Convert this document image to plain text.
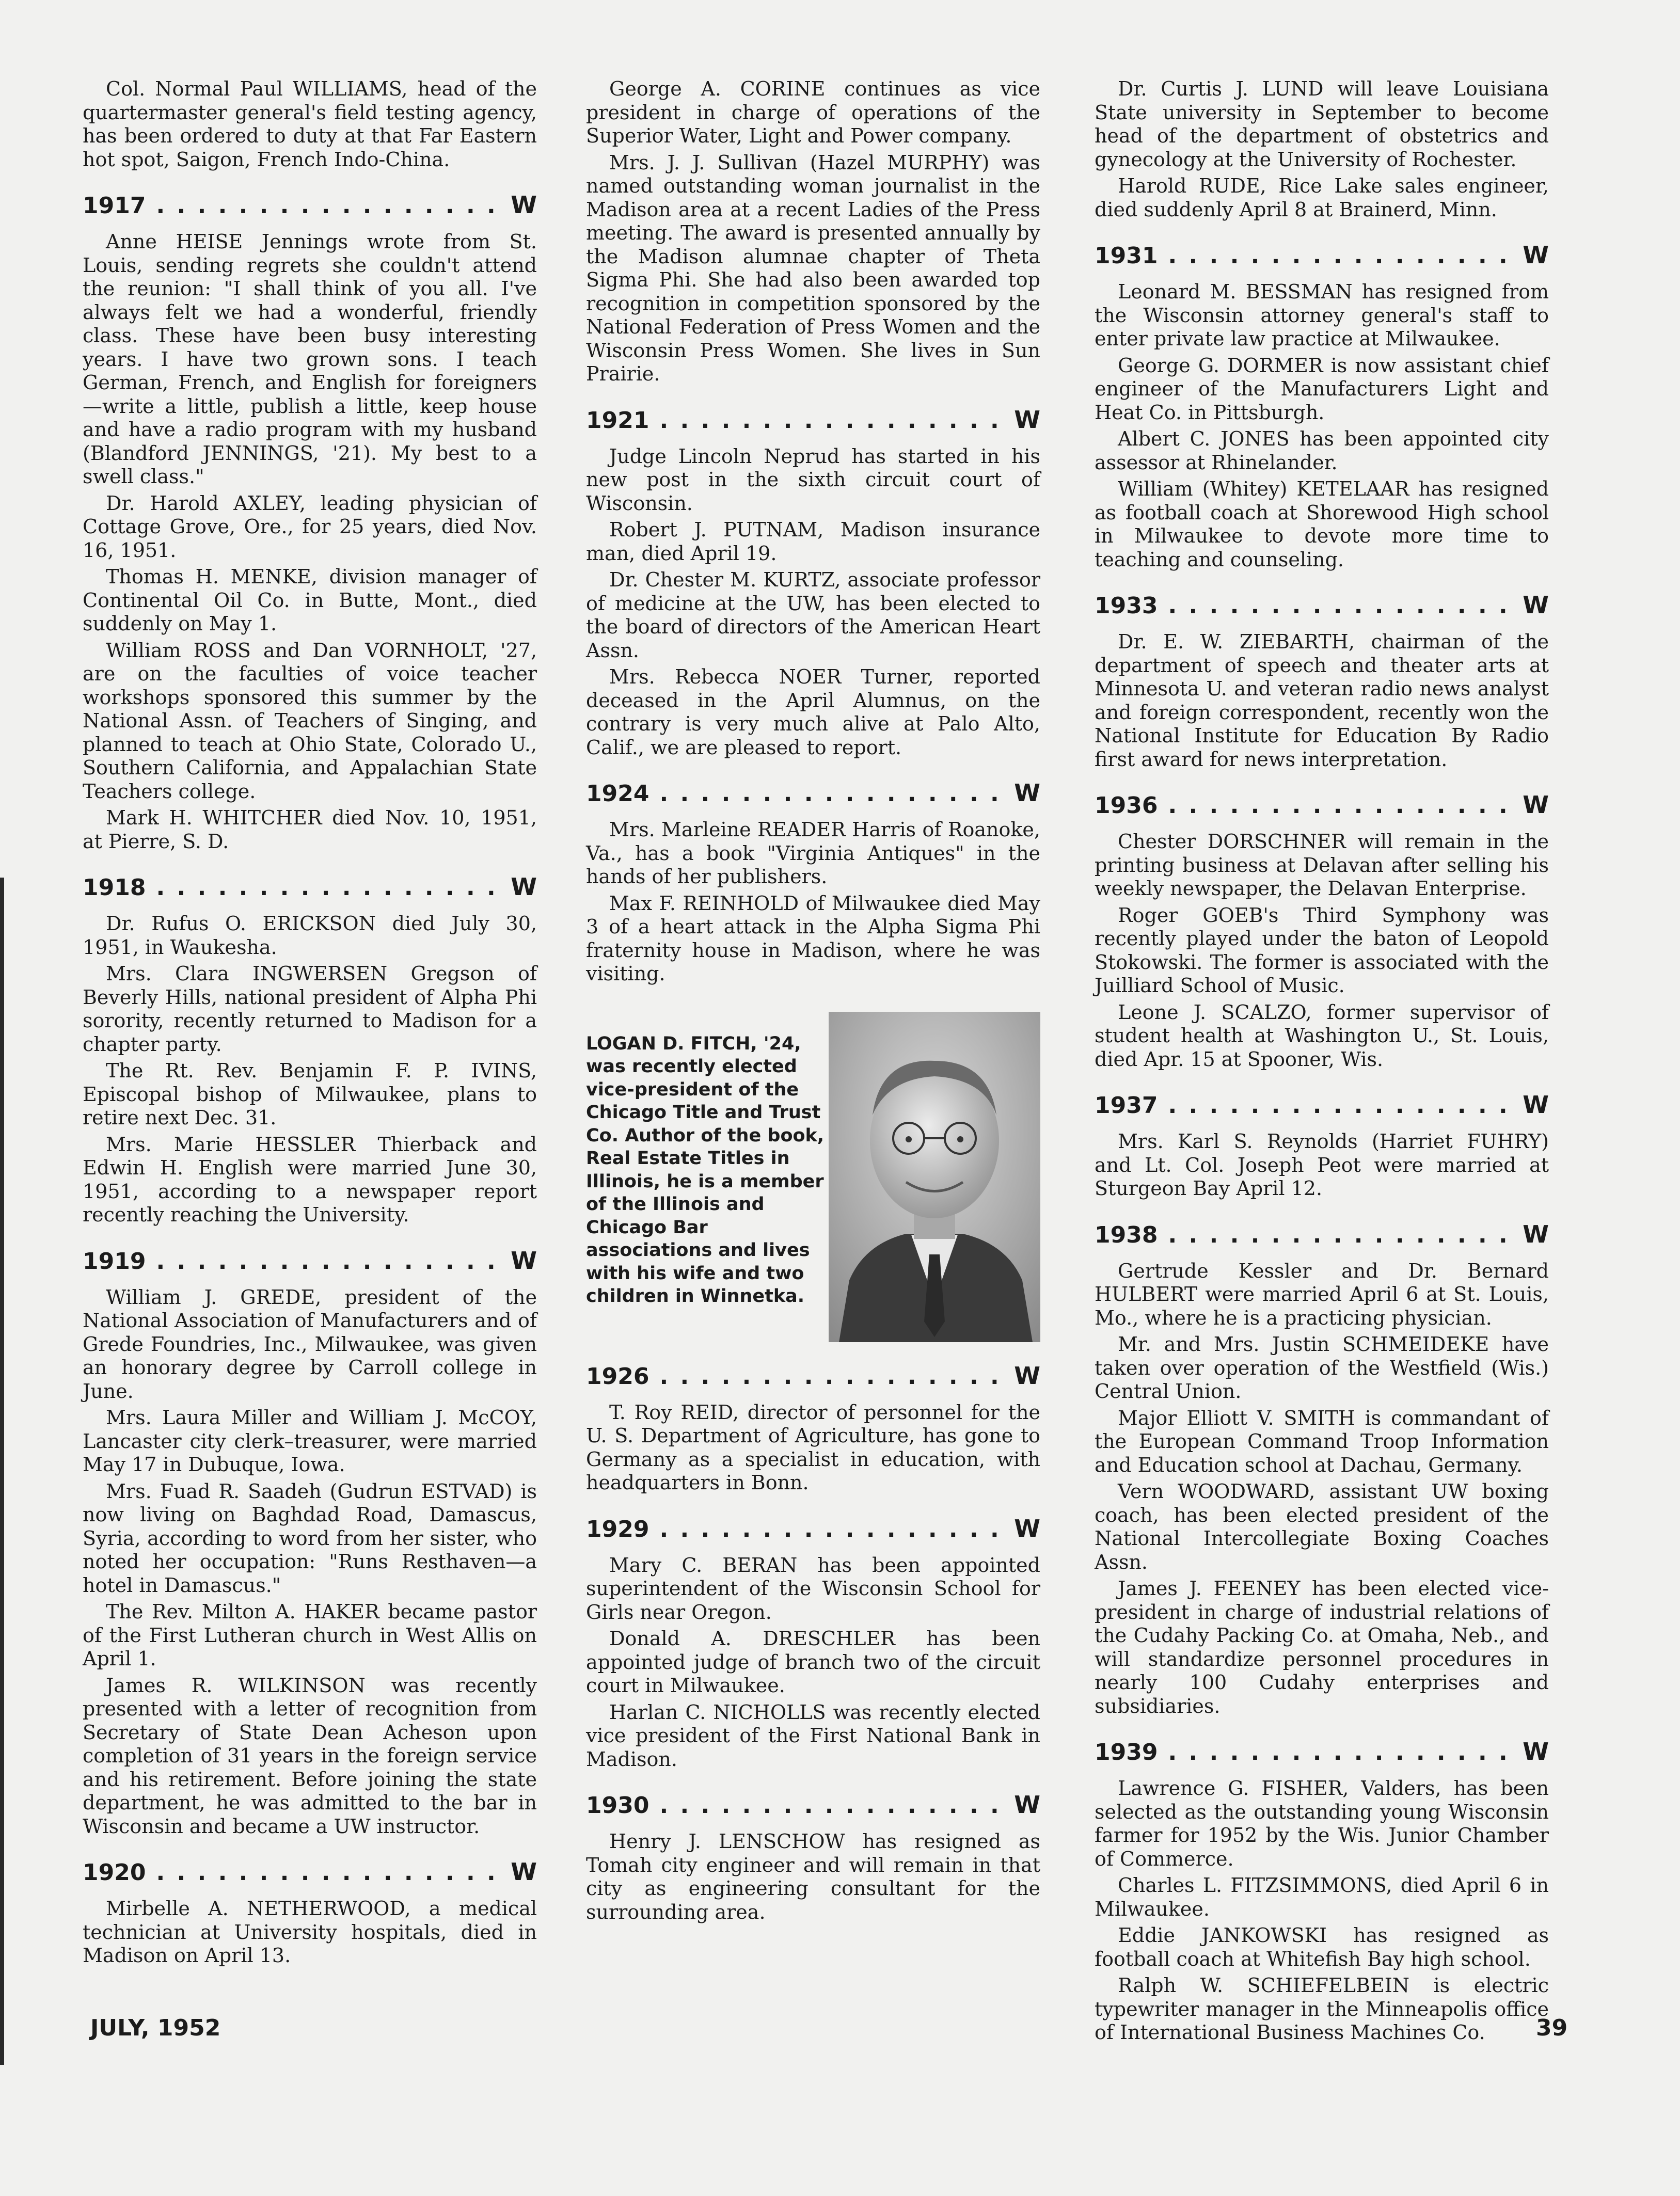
Col. Normal Paul WILLIAMS, head of the quartermaster general's field testing agency, has been ordered to duty at that Far Eastern hot spot, Saigon, French Indo-China.

1917 . . .	W

Anne HEISE Jennings wrote from St. Louis, sending regrets she couldn't attend the reunion: "I shall think of you all. I've always felt we had a wonderful, friendly class. These have been busy interesting years. I have two grown sons. I teach German, French, and English for foreigners—write a little, publish a little, keep house and have a radio program with my husband (Blandford JENNINGS, '21). My best to a swell class."

Dr. Harold AXLEY, leading physician of Cottage Grove, Ore., for 25 years, died Nov. 16, 1951.

Thomas H. MENKE, division manager of Continental Oil Co. in Butte, Mont., died suddenly on May 1.

William ROSS and Dan VORNHOLT, '27, are on the faculties of voice teacher workshops sponsored this summer by the National Assn. of Teachers of Singing, and planned to teach at Ohio State, Colorado U., Southern California, and Appalachian State Teachers college.

Mark H. WHITCHER died Nov. 10, 1951, at Pierre, S. D.

1918 . . .	W

Dr. Rufus O. ERICKSON died July 30, 1951, in Waukesha.

Mrs. Clara INGWERSEN Gregson of Beverly Hills, national president of Alpha Phi sorority, recently returned to Madison for a chapter party.

The Rt. Rev. Benjamin F. P. IVINS, Episcopal bishop of Milwaukee, plans to retire next Dec. 31.

Mrs. Marie HESSLER Thierback and Edwin H. English were married June 30, 1951, according to a newspaper report recently reaching the University.

1919 . . .	W

William J. GREDE, president of the National Association of Manufacturers and of Grede Foundries, Inc., Milwaukee, was given an honorary degree by Carroll college in June.

Mrs. Laura Miller and William J. McCOY, Lancaster city clerk–treasurer, were married May 17 in Dubuque, Iowa.

Mrs. Fuad R. Saadeh (Gudrun ESTVAD) is now living on Baghdad Road, Damascus, Syria, according to word from her sister, who noted her occupation: "Runs Resthaven—a hotel in Damascus."

The Rev. Milton A. HAKER became pastor of the First Lutheran church in West Allis on April 1.

James R. WILKINSON was recently presented with a letter of recognition from Secretary of State Dean Acheson upon completion of 31 years in the foreign service and his retirement. Before joining the state department, he was admitted to the bar in Wisconsin and became a UW instructor.

1920 . . .	W

Mirbelle A. NETHERWOOD, a medical technician at University hospitals, died in Madison on April 13.

George A. CORINE continues as vice president in charge of operations of the Superior Water, Light and Power company.

Mrs. J. J. Sullivan (Hazel MURPHY) was named outstanding woman journalist in the Madison area at a recent Ladies of the Press meeting. The award is presented annually by the Madison alumnae chapter of Theta Sigma Phi. She had also been awarded top recognition in competition sponsored by the National Federation of Press Women and the Wisconsin Press Women. She lives in Sun Prairie.

1921 . . .	W

Judge Lincoln Neprud has started in his new post in the sixth circuit court of Wisconsin.

Robert J. PUTNAM, Madison insurance man, died April 19.

Dr. Chester M. KURTZ, associate professor of medicine at the UW, has been elected to the board of directors of the American Heart Assn.

Mrs. Rebecca NOER Turner, reported deceased in the April Alumnus, on the contrary is very much alive at Palo Alto, Calif., we are pleased to report.

1924 . . .	W

Mrs. Marleine READER Harris of Roanoke, Va., has a book "Virginia Antiques" in the hands of her publishers.

Max F. REINHOLD of Milwaukee died May 3 of a heart attack in the Alpha Sigma Phi fraternity house in Madison, where he was visiting.

LOGAN D. FITCH, '24, was recently elected vice-president of the Chicago Title and Trust Co. Author of the book, Real Estate Titles in Illinois, he is a member of the Illinois and Chicago Bar associations and lives with his wife and two children in Winnetka.
1926 . . .	W

T. Roy REID, director of personnel for the U. S. Department of Agriculture, has gone to Germany as a specialist in education, with headquarters in Bonn.

1929 . . .	W

Mary C. BERAN has been appointed superintendent of the Wisconsin School for Girls near Oregon.

Donald A. DRESCHLER has been appointed judge of branch two of the circuit court in Milwaukee.

Harlan C. NICHOLLS was recently elected vice president of the First National Bank in Madison.

1930 . . .	W

Henry J. LENSCHOW has resigned as Tomah city engineer and will remain in that city as engineering consultant for the surrounding area.

Dr. Curtis J. LUND will leave Louisiana State university in September to become head of the department of obstetrics and gynecology at the University of Rochester.

Harold RUDE, Rice Lake sales engineer, died suddenly April 8 at Brainerd, Minn.

1931 . . .	W

Leonard M. BESSMAN has resigned from the Wisconsin attorney general's staff to enter private law practice at Milwaukee.

George G. DORMER is now assistant chief engineer of the Manufacturers Light and Heat Co. in Pittsburgh.

Albert C. JONES has been appointed city assessor at Rhinelander.

William (Whitey) KETELAAR has resigned as football coach at Shorewood High school in Milwaukee to devote more time to teaching and counseling.

1933 . . .	W

Dr. E. W. ZIEBARTH, chairman of the department of speech and theater arts at Minnesota U. and veteran radio news analyst and foreign correspondent, recently won the National Institute for Education By Radio first award for news interpretation.

1936 . . .	W

Chester DORSCHNER will remain in the printing business at Delavan after selling his weekly newspaper, the Delavan Enterprise.

Roger GOEB's Third Symphony was recently played under the baton of Leopold Stokowski. The former is associated with the Juilliard School of Music.

Leone J. SCALZO, former supervisor of student health at Washington U., St. Louis, died Apr. 15 at Spooner, Wis.

1937 . . .	W

Mrs. Karl S. Reynolds (Harriet FUHRY) and Lt. Col. Joseph Peot were married at Sturgeon Bay April 12.

1938 . . .	W

Gertrude Kessler and Dr. Bernard HULBERT were married April 6 at St. Louis, Mo., where he is a practicing physician.

Mr. and Mrs. Justin SCHMEIDEKE have taken over operation of the Westfield (Wis.) Central Union.

Major Elliott V. SMITH is commandant of the European Command Troop Information and Education school at Dachau, Germany.

Vern WOODWARD, assistant UW boxing coach, has been elected president of the National Intercollegiate Boxing Coaches Assn.

James J. FEENEY has been elected vice-president in charge of industrial relations of the Cudahy Packing Co. at Omaha, Neb., and will standardize personnel procedures in nearly 100 Cudahy enterprises and subsidiaries.

1939 . . .	W

Lawrence G. FISHER, Valders, has been selected as the outstanding young Wisconsin farmer for 1952 by the Wis. Junior Chamber of Commerce.

Charles L. FITZSIMMONS, died April 6 in Milwaukee.

Eddie JANKOWSKI has resigned as football coach at Whitefish Bay high school.

Ralph W. SCHIEFELBEIN is electric typewriter manager in the Minneapolis office of International Business Machines Co.

JULY, 1952	39
